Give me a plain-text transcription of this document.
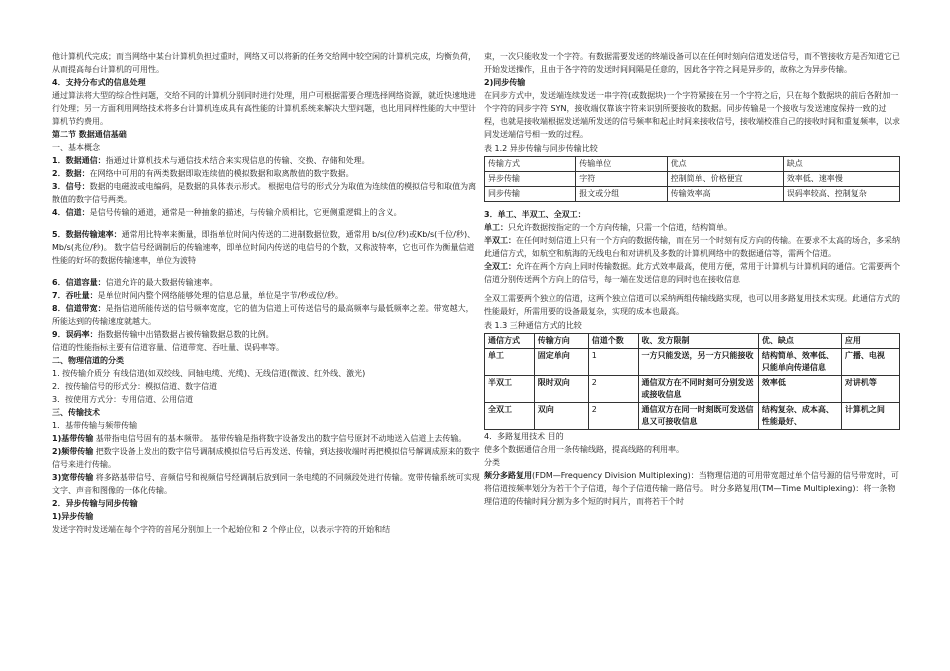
他计算机代完成；而当网络中某台计算机负担过重时，网络又可以将新的任务交给网中较空闲的计算机完成，均衡负荷，从而提高每台计算机的可用性。

4．支持分布式的信息处理

通过算法将大型的综合性问题，交给不同的计算机分别同时进行处理，用户可根据需要合理选择网络资源，就近快速地进行处理；另一方面利用网络技术将多台计算机连成具有高性能的计算机系统来解决大型问题，也比用同样性能的大中型计算机节约费用。

第二节 数据通信基础

一、基本概念

1．数据通信：指通过计算机技术与通信技术结合来实现信息的传输、交换、存储和处理。

2．数据：在网络中可用的有两类数据即取连续值的模拟数据和取离散值的数字数据。

3．信号：数据的电磁波或电编码，是数据的具体表示形式。 根据电信号的形式分为取值为连续值的模拟信号和取值为离散值的数字信号两类。

4．信道：是信号传输的通道，通常是一种抽象的描述，与传输介质相比，它更侧重逻辑上的含义。

5．数据传输速率：通常用比特率来衡量，即指单位时间内传送的二进制数据位数，通常用 b/s(位/秒)或Kb/s(千位/秒)、Mb/s(兆位/秒)。 数字信号经调制后的传输速率，即单位时间内传送的电信号的个数，又称波特率，它也可作为衡量信道性能的好坏的数据传输速率，单位为波特

6．信道容量：信道允许的最大数据传输速率。

7．吞吐量：是单位时间内整个网络能够处理的信息总量，单位是字节/秒或位/秒。

8．信道带宽：是指信道所能传送的信号频率宽度，它的值为信道上可传送信号的最高频率与最低频率之差。带宽越大，所能达到的传输速度就越大。

9．误码率：指数据传输中出错数据占被传输数据总数的比例。

信道的性能指标主要有信道容量、信道带宽、吞吐量、误码率等。

二、物理信道的分类

1. 按传输介质分 有线信道(如双绞线、同轴电缆、光缆)、无线信道(微波、红外线、激光)

2．按传输信号的形式分：模拟信道、数字信道

3．按使用方式分：专用信道、公用信道

三、传输技术

1．基带传输与频带传输

1)基带传输 基带指电信号固有的基本频带。 基带传输是指将数字设备发出的数字信号原封不动地送入信道上去传输。

2)频带传输 把数字设备上发出的数字信号调制成模拟信号后再发送、传输，到达接收端时再把模拟信号解调成原来的数字信号来进行传输。

3)宽带传输 将多路基带信号、音频信号和视频信号经调制后放到同一条电缆的不同频段处进行传输。宽带传输系统可实现文字、声音和图像的一体化传输。

2．异步传输与同步传输

1)异步传输

发送字符时发送端在每个字符的首尾分别加上一个起始位和 2 个停止位，以表示字符的开始和结

束，一次只能收发一个字符。有数据需要发送的终端设备可以在任何时刻向信道发送信号，而不管接收方是否知道它已开始发送操作，且由于各字符的发送时间间隔是任意的，因此各字符之间是异步的，故称之为异步传输。

2)同步传输

在同步方式中，发送端连续发送一串字符(或数据块)一个字符紧接在另一个字符之后，只在每个数据块的前后各附加一个字符的同步字符 SYN，接收端仅靠该字符来识别所要接收的数据。同步传输是一个接收与发送速度保持一致的过程，也就是接收端根据发送端所发送的信号频率和起止时间来接收信号，接收端校准自己的接收时间和重复频率，以求同发送端信号相一致的过程。

表 1.2 异步传输与同步传输比较

传输方式	传输单位	优点	缺点
异步传输	字符	控制简单、价格便宜	效率低、速率慢
同步传输	报文或分组	传输效率高	误码率较高、控制复杂

3．单工、半双工、全双工：

单工：只允许数据按指定的一个方向传输，只需一个信道，结构简单。

半双工：在任何时刻信道上只有一个方向的数据传输，而在另一个时刻有反方向的传输。在要求不太高的场合，多采纳此通信方式，如航空和航海的无线电台和对讲机及多数的计算机网络中的数据通信等，需两个信道。

全双工：允许在两个方向上同时传输数据。此方式效率最高，使用方便，常用于计算机与计算机间的通信。它需要两个信道分别传送两个方向上的信号，每一端在发送信息的同时也在接收信息

全双工需要两个独立的信道，这两个独立信道可以采纳两组传输线路实现，也可以用多路复用技术实现。此通信方式的性能最好，所需用要的设备最复杂，实现的成本也最高。

表 1.3 三种通信方式的比较

通信方式	传输方向	信道个数	收、发方限制	优、缺点	应用
单工	固定单向	1	一方只能发送，另一方只能接收	结构简单、效率低、只能单向传递信息	广播、电视
半双工	限时双向	2	通信双方在不同时刻可分别发送或接收信息	效率低	对讲机等
全双工	双向	2	通信双方在同一时刻既可发送信息又可接收信息	结构复杂、成本高、性能最好、	计算机之间

4．多路复用技术 目的

使多个数据通信合用一条传输线路，提高线路的利用率。

分类

频分多路复用(FDM—Frequency Division Multiplexing)：当物理信道的可用带宽超过单个信号源的信号带宽时，可将信道按频率划分为若干个子信道，每个子信道传输一路信号。 时分多路复用(TM—Time Multiplexing)：将一条物理信道的传输时间分割为多个短的时间片，而将若干个时
